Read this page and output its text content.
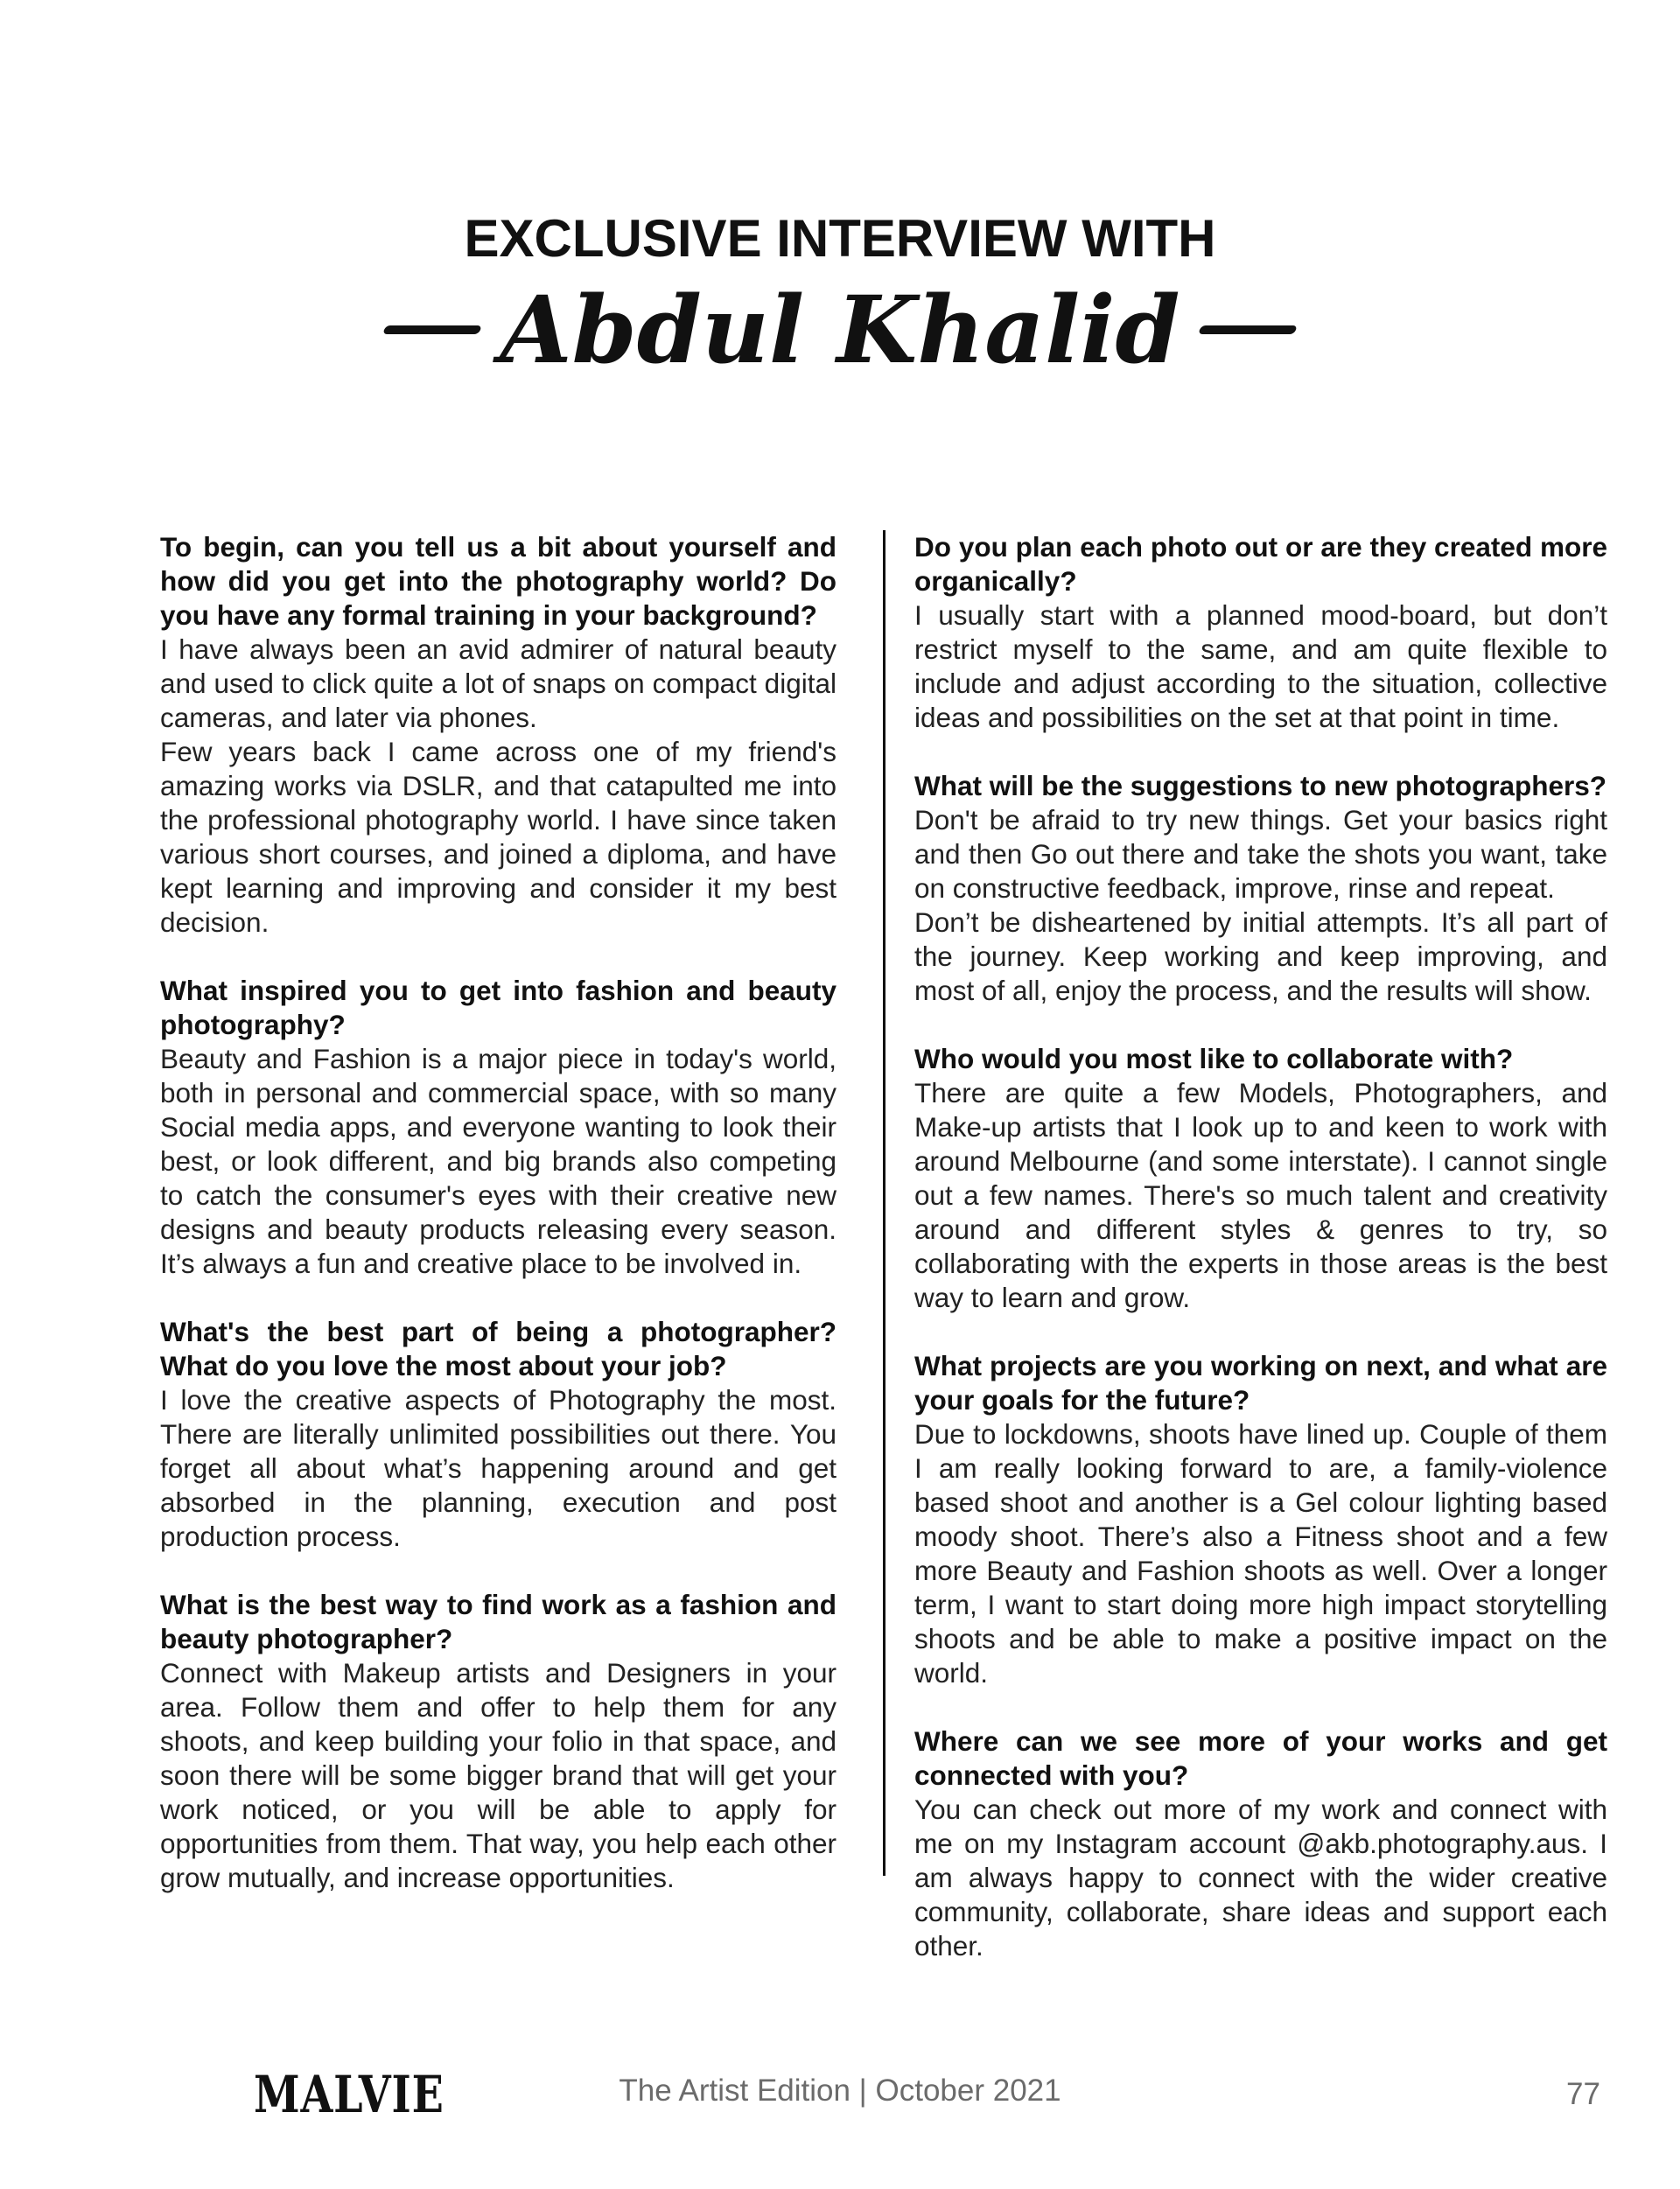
EXCLUSIVE INTERVIEW WITH
Abdul Khalid

To begin, can you tell us a bit about yourself and how did you get into the photography world? Do you have any formal training in your background?

I have always been an avid admirer of natural beauty and used to click quite a lot of snaps on compact digital cameras, and later via phones.

Few years back I came across one of my friend's amazing works via DSLR, and that catapulted me into the professional photography world. I have since taken various short courses, and joined a diploma, and have kept learning and improving and consider it my best decision.

What inspired you to get into fashion and beauty photography?

Beauty and Fashion is a major piece in today's world, both in personal and commercial space, with so many Social media apps, and everyone wanting to look their best, or look different, and big brands also competing to catch the consumer's eyes with their creative new designs and beauty products releasing every season. It’s always a fun and creative place to be involved in.

What's the best part of being a photographer? What do you love the most about your job?

I love the creative aspects of Photography the most. There are literally unlimited possibilities out there. You forget all about what’s happening around and get absorbed in the planning, execution and post production process.

What is the best way to find work as a fashion and beauty photographer?

Connect with Makeup artists and Designers in your area. Follow them and offer to help them for any shoots, and keep building your folio in that space, and soon there will be some bigger brand that will get your work noticed, or you will be able to apply for opportunities from them. That way, you help each other grow mutually, and increase opportunities.

Do you plan each photo out or are they created more organically?

I usually start with a planned mood-board, but don’t restrict myself to the same, and am quite flexible to include and adjust according to the situation, collective ideas and possibilities on the set at that point in time.

What will be the suggestions to new photographers?

Don't be afraid to try new things. Get your basics right and then Go out there and take the shots you want, take on constructive feedback, improve, rinse and repeat.

Don’t be disheartened by initial attempts. It’s all part of the journey. Keep working and keep improving, and most of all, enjoy the process, and the results will show.

Who would you most like to collaborate with?

There are quite a few Models, Photographers, and Make-up artists that I look up to and keen to work with around Melbourne (and some interstate). I cannot single out a few names. There's so much talent and creativity around and different styles & genres to try, so collaborating with the experts in those areas is the best way to learn and grow.

What projects are you working on next, and what are your goals for the future?

Due to lockdowns, shoots have lined up. Couple of them I am really looking forward to are, a family-violence based shoot and another is a Gel colour lighting based moody shoot. There’s also a Fitness shoot and a few more Beauty and Fashion shoots as well. Over a longer term, I want to start doing more high impact storytelling shoots and be able to make a positive impact on the world.

Where can we see more of your works and get connected with you?

You can check out more of my work and connect with me on my Instagram account @akb.photography.aus. I am always happy to connect with the wider creative community, collaborate, share ideas and support each other.

MALVIE	The Artist Edition | October 2021	77
